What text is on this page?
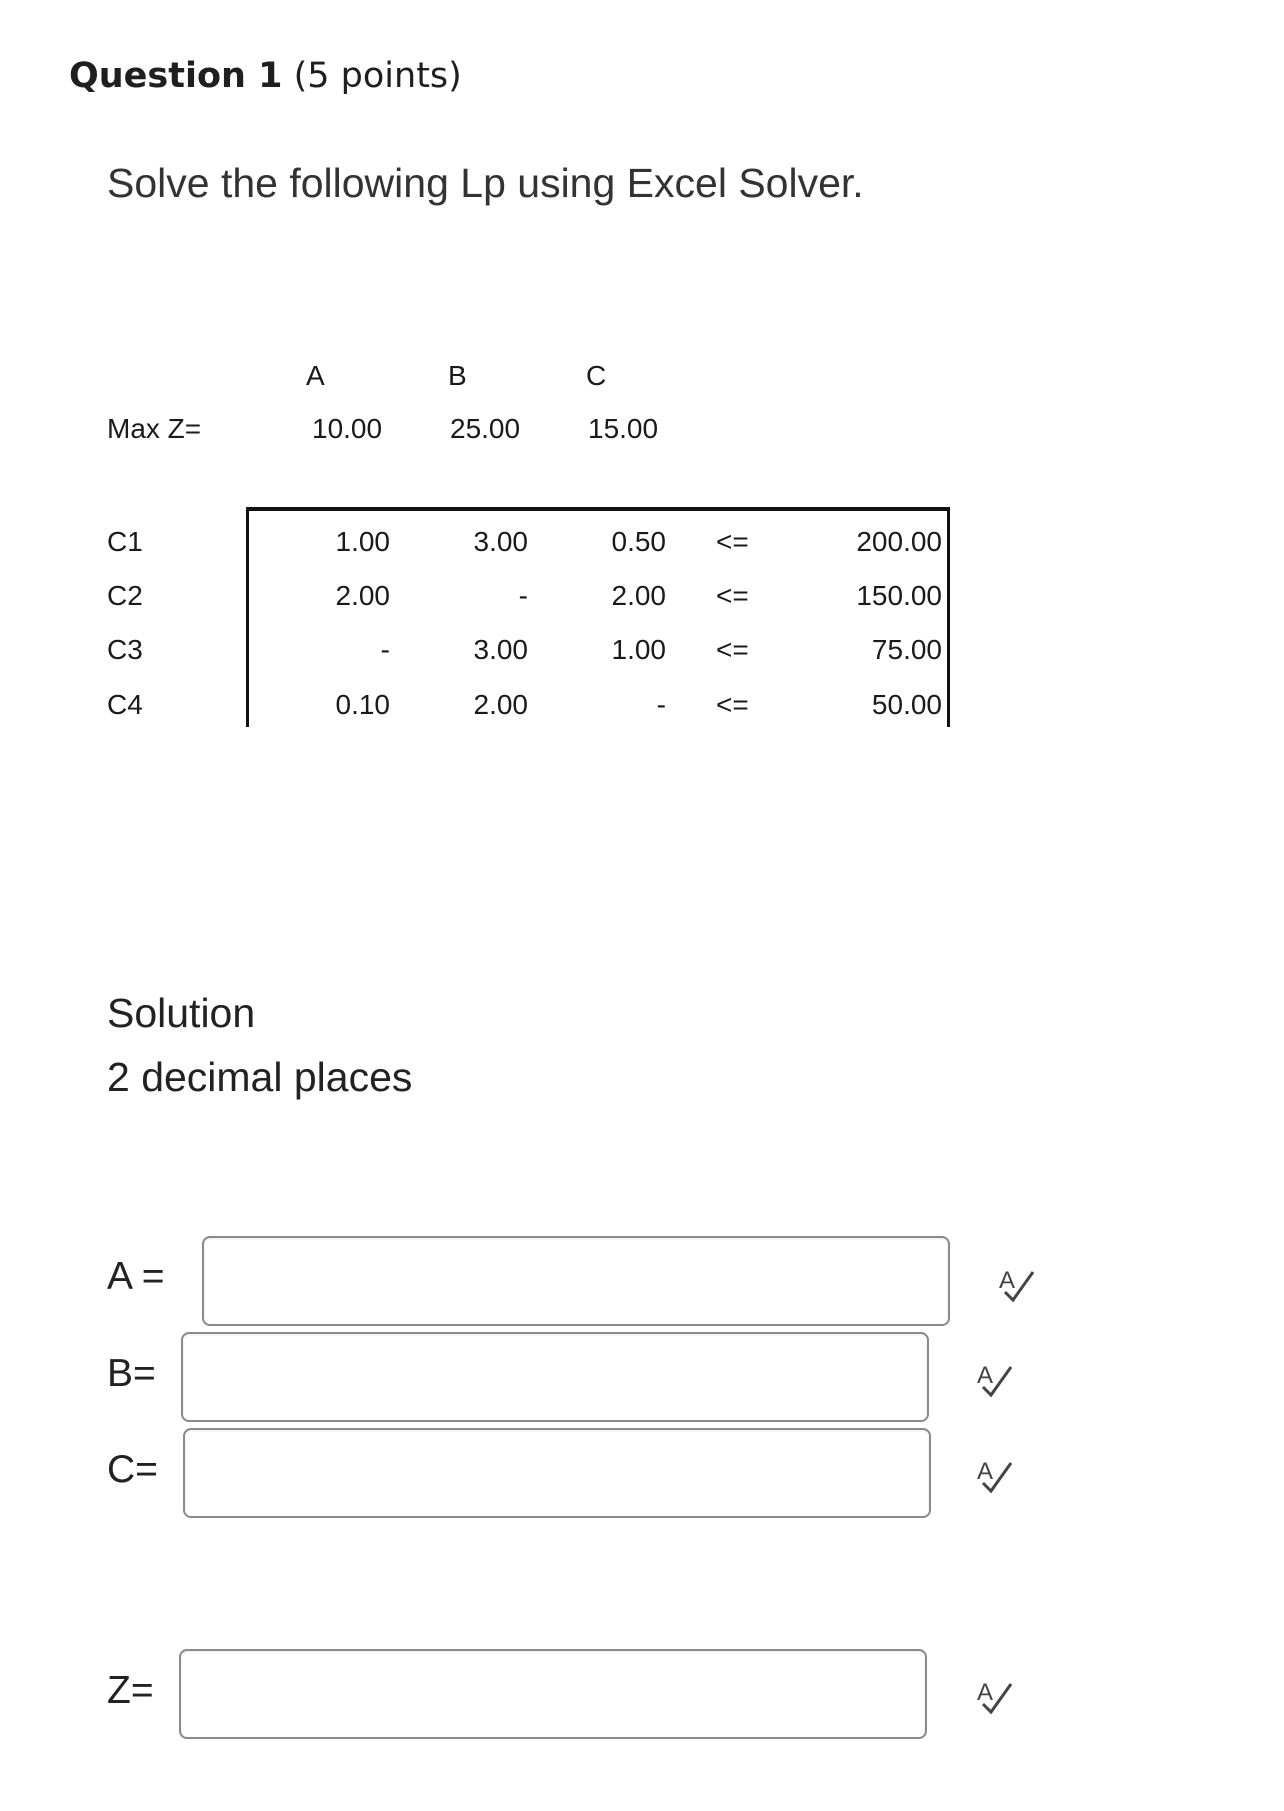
Question 1 (5 points)
Solve the following Lp using Excel Solver.
A	B	C
Max Z=	10.00 25.00 15.00
C1	1.00	3.00	0.50 <=	200.00
C2	2.00	-	2.00 <=	150.00
C3	-	3.00	1.00 <=	75.00
C4	0.10	2.00	- <=	50.00
Solution
2 decimal places
A =	A
B=	A
C=	A
Z=	A
